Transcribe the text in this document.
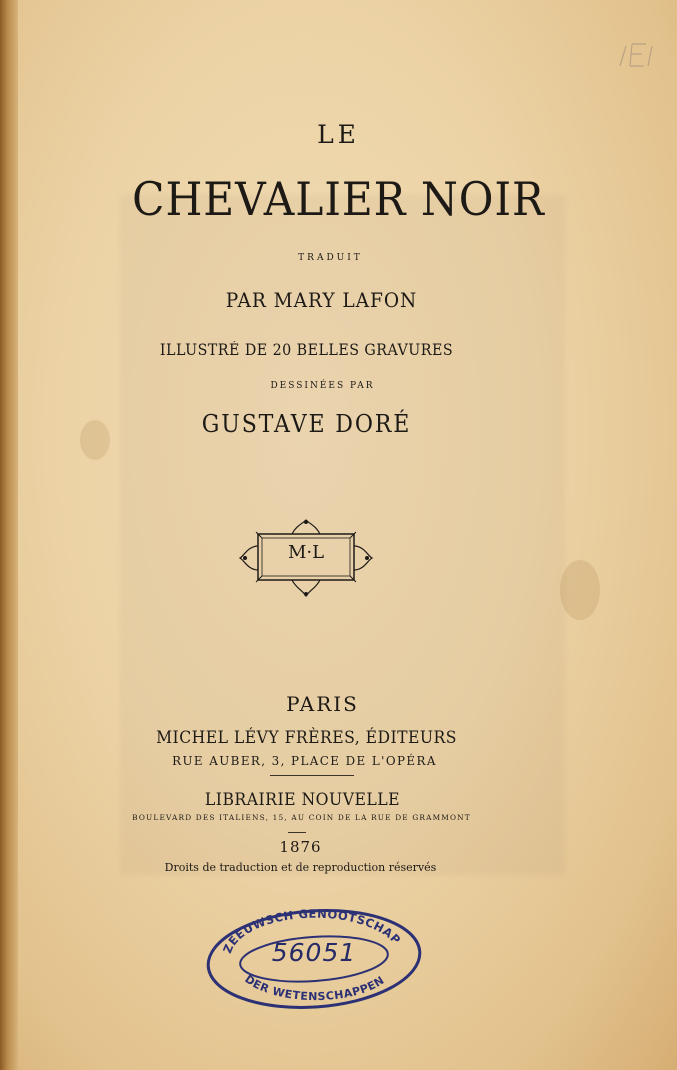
LE
CHEVALIER NOIR
TRADUIT
PAR MARY LAFON
ILLUSTRÉ DE 20 BELLES GRAVURES
DESSINÉES PAR
GUSTAVE DORÉ
M·L
PARIS
MICHEL LÉVY FRÈRES, ÉDITEURS
RUE AUBER, 3, PLACE DE L'OPÉRA
LIBRAIRIE NOUVELLE
BOULEVARD DES ITALIENS, 15, AU COIN DE LA RUE DE GRAMMONT
1876
Droits de traduction et de reproduction réservés
ZEEUWSCH GENOOTSCHAP
DER WETENSCHAPPEN
56051
